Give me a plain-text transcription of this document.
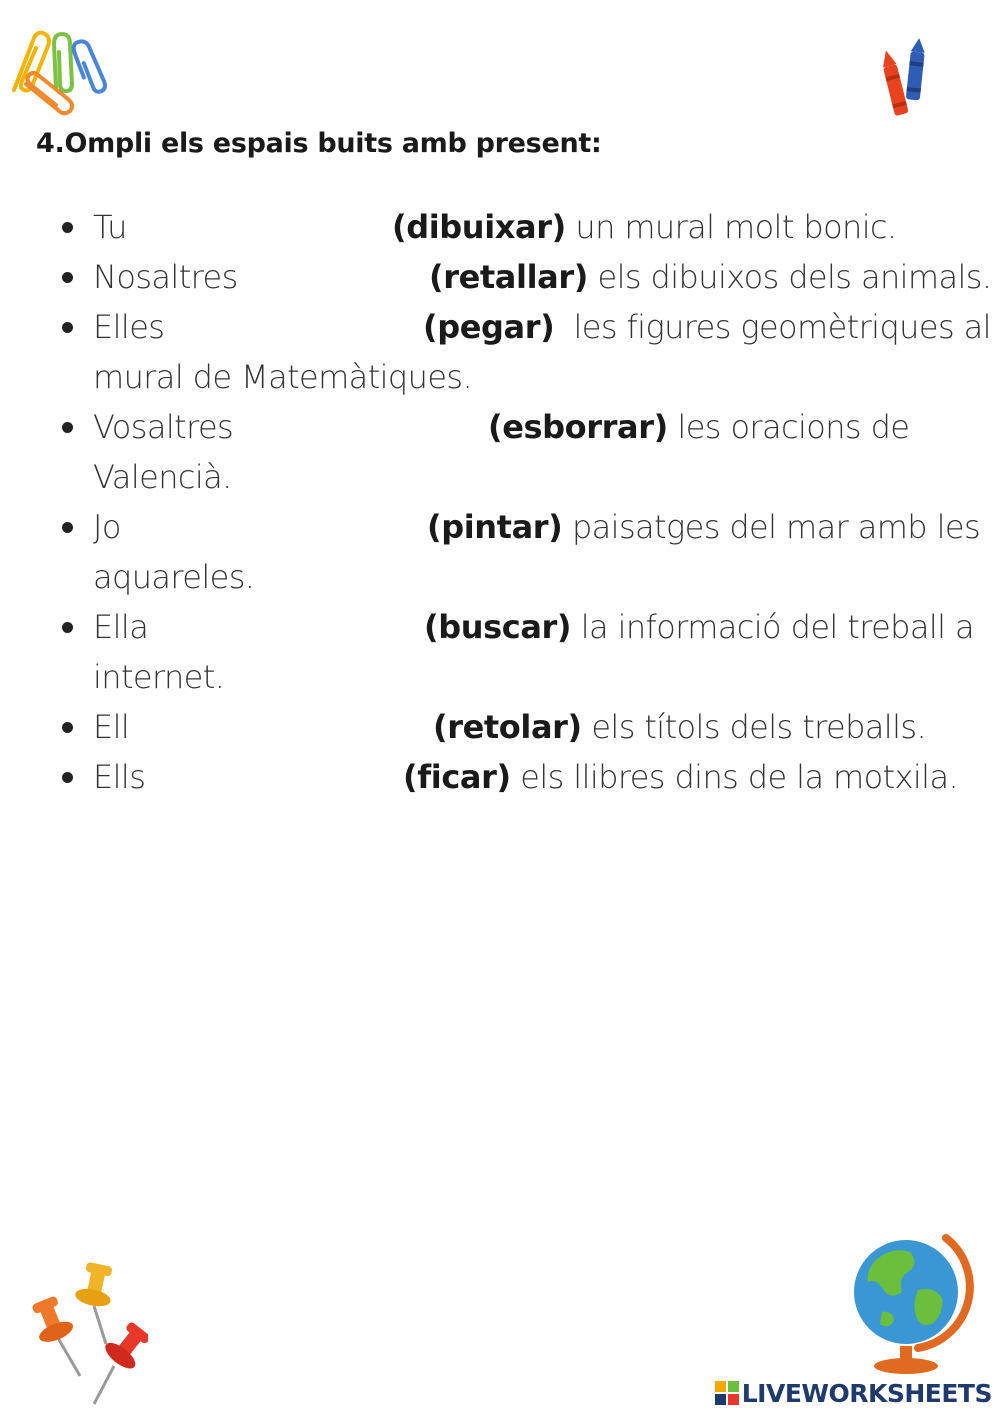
4.Ompli els espais buits amb present:
Tu	(dibuixar) un mural molt bonic.
Nosaltres	(retallar) els dibuixos dels animals.
Elles	(pegar)  les figures geomètriques al
mural de Matemàtiques.
Vosaltres	(esborrar) les oracions de
Valencià.
Jo	(pintar) paisatges del mar amb les
aquareles.
Ella	(buscar) la informació del treball a
internet.
Ell	(retolar) els títols dels treballs.
Ells	(ficar) els llibres dins de la motxila.
LIVEWORKSHEETS
